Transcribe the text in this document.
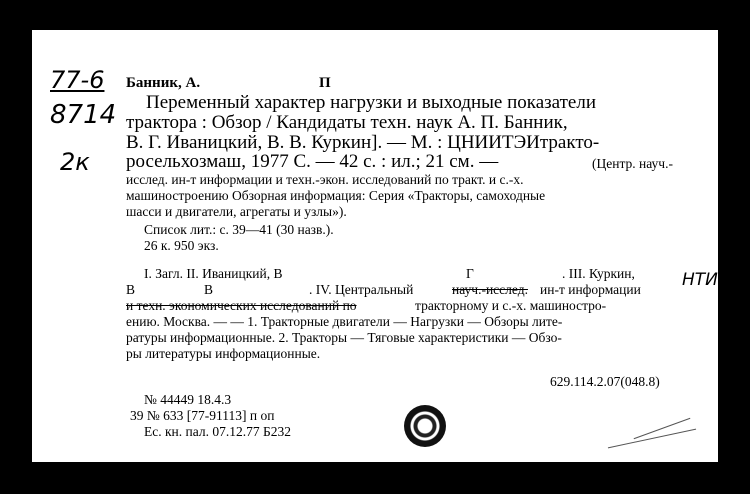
77-6
8714
2к
НТИ
Банник, А.	П
Переменный характер нагрузки и выходные показатели
трактора : Обзор / Кандидаты техн. наук А. П. Банник,
В. Г. Иваницкий, В. В. Куркин]. — М. : ЦНИИТЭИтракто-
росельхозмаш, 1977 С. — 42 с. : ил.; 21 см. —	(Центр. науч.-
исслед. ин-т информации и техн.-экон. исследований по тракт. и с.-х.
машиностроению Обзорная информация: Серия «Тракторы, самоходные
шасси и двигатели, агрегаты и узлы»).
Список лит.: с. 39—41 (30 назв.).
26 к. 950 экз.
I. Загл. II. Иваницкий, В	Г	. III. Куркин,
В	В	. IV. Центральный	науч.-исслед. ин-т информации
и техн. экономических исследований по	тракторному и с.-х. машиностро-
ению. Москва. — — 1. Тракторные двигатели — Нагрузки — Обзоры лите-
ратуры информационные. 2. Тракторы — Тяговые характеристики — Обзо-
ры литературы информационные.
629.114.2.07(048.8)
№ 44449 18.4.3
39 № 633 [77-91113] п оп
Ес. кн. пал. 07.12.77 Б232
